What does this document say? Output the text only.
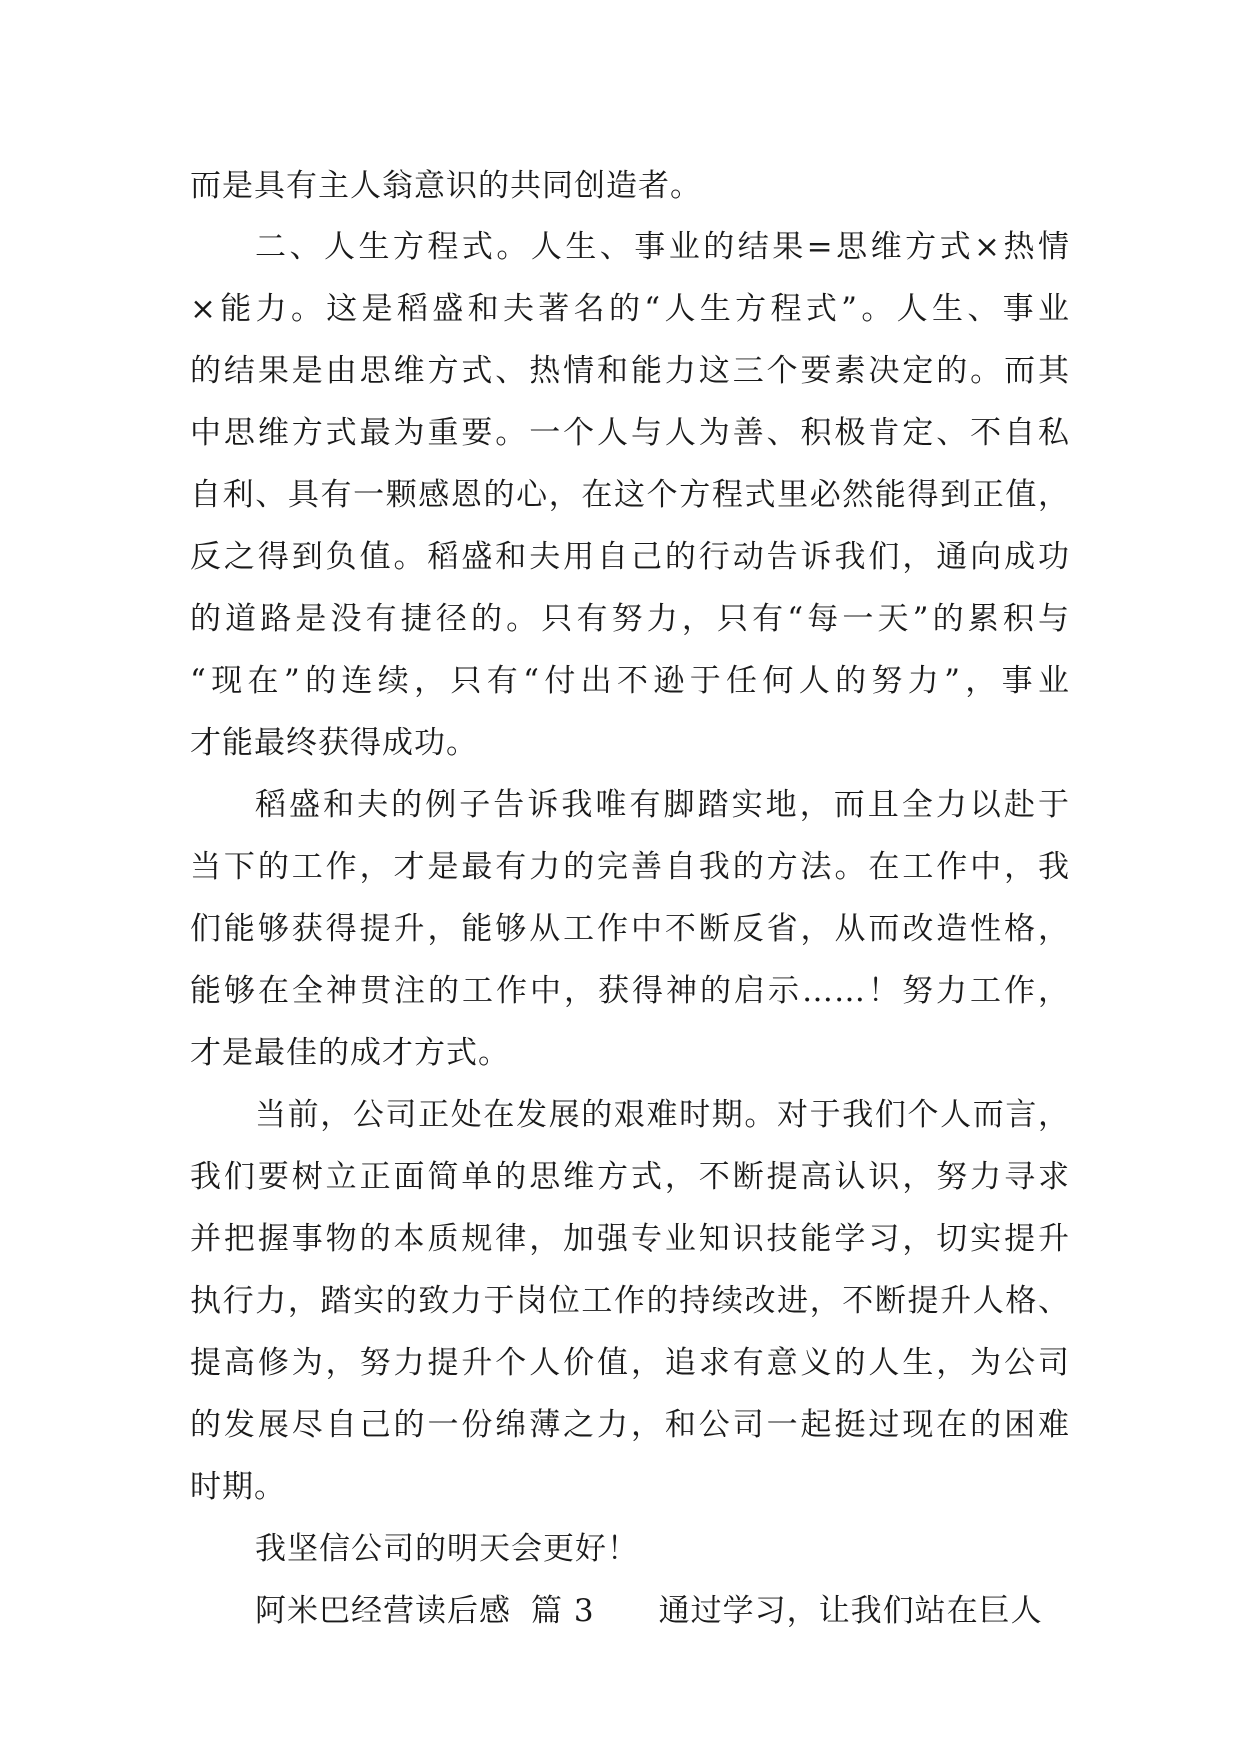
而是具有主人翁意识的共同创造者。
二、人生方程式。人生、事业的结果=思维方式×热情
×能力。这是稻盛和夫著名的“人生方程式”。人生、事业
的结果是由思维方式、热情和能力这三个要素决定的。而其
中思维方式最为重要。一个人与人为善、积极肯定、不自私
自利、具有一颗感恩的心，在这个方程式里必然能得到正值，
反之得到负值。稻盛和夫用自己的行动告诉我们，通向成功
的道路是没有捷径的。只有努力，只有“每一天”的累积与
“现在”的连续，只有“付出不逊于任何人的努力”，事业
才能最终获得成功。
稻盛和夫的例子告诉我唯有脚踏实地，而且全力以赴于
当下的工作，才是最有力的完善自我的方法。在工作中，我
们能够获得提升，能够从工作中不断反省，从而改造性格，
能够在全神贯注的工作中，获得神的启示……！努力工作，
才是最佳的成才方式。
当前，公司正处在发展的艰难时期。对于我们个人而言，
我们要树立正面简单的思维方式，不断提高认识，努力寻求
并把握事物的本质规律，加强专业知识技能学习，切实提升
执行力，踏实的致力于岗位工作的持续改进，不断提升人格、
提高修为，努力提升个人价值，追求有意义的人生，为公司
的发展尽自己的一份绵薄之力，和公司一起挺过现在的困难
时期。
我坚信公司的明天会更好！
阿米巴经营读后感 篇 3 通过学习，让我们站在巨人
